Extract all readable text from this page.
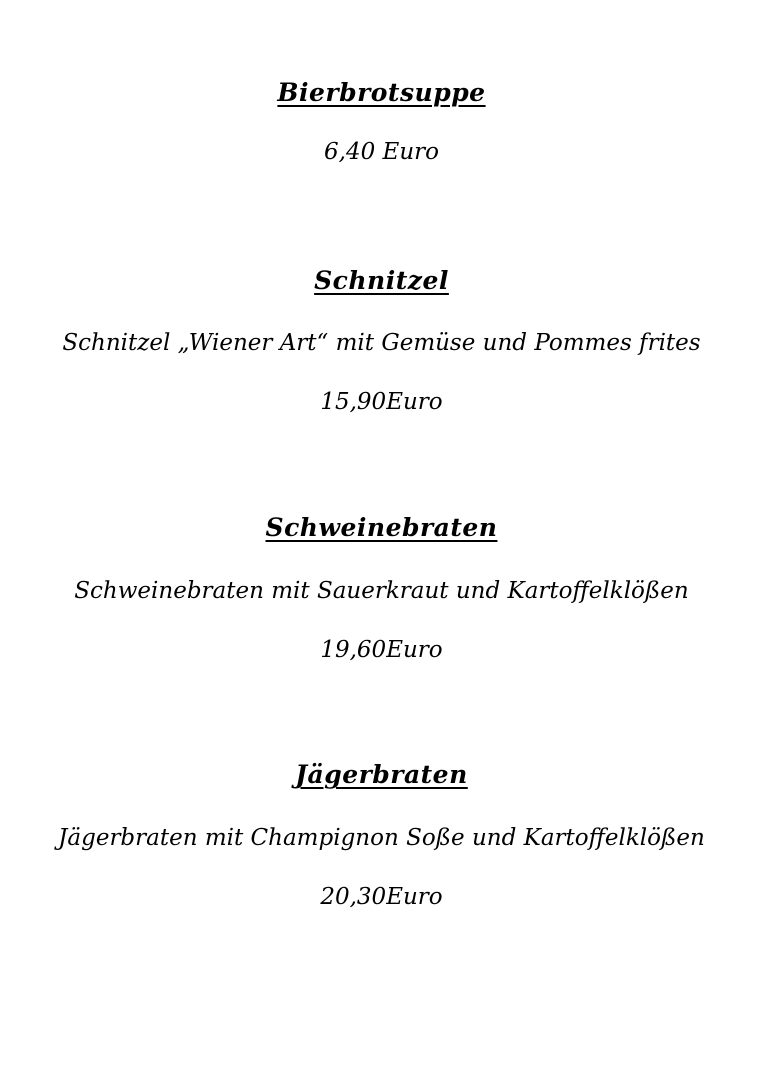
Bierbrotsuppe
6,40 Euro
Schnitzel
Schnitzel „Wiener Art“ mit Gemüse und Pommes frites
15,90Euro
Schweinebraten
Schweinebraten mit Sauerkraut und Kartoffelklößen
19,60Euro
Jägerbraten
Jägerbraten mit Champignon Soße und Kartoffelklößen
20,30Euro
